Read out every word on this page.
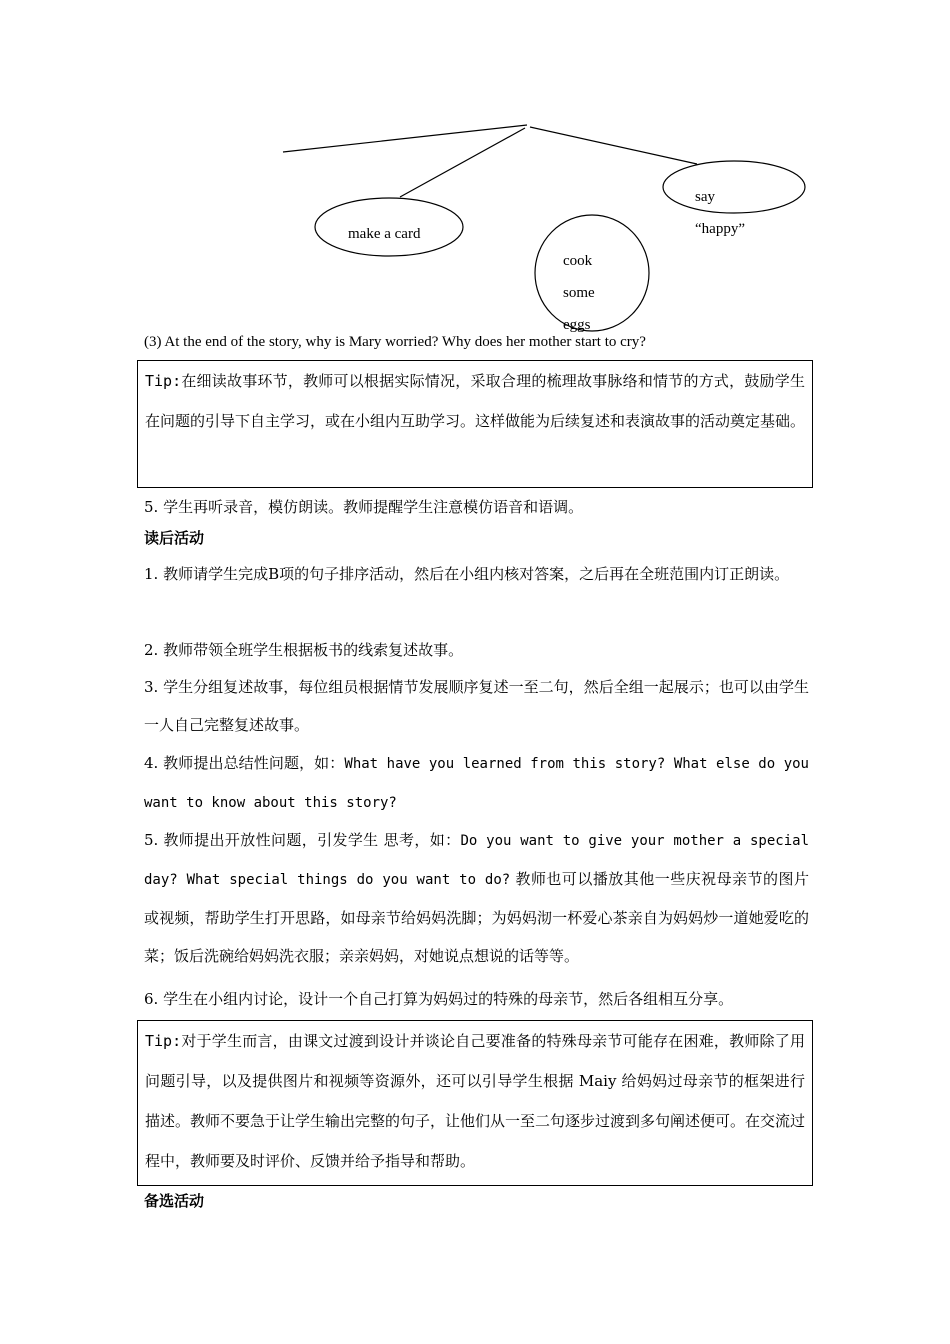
make a card
cook
some
eggs
say
“happy”
(3) At the end of the story, why is Mary worried? Why does her mother start to cry?
Tip:在细读故事环节，教师可以根据实际情况，采取合理的梳理故事脉络和情节的方式，鼓励学生在问题的引导下自主学习，或在小组内互助学习。这样做能为后续复述和表演故事的活动奠定基础。
5. 学生再听录音，模仿朗读。教师提醒学生注意模仿语音和语调。
读后活动
1. 教师请学生完成B项的句子排序活动，然后在小组内核对答案，之后再在全班范围内订正朗读。
2. 教师带领全班学生根据板书的线索复述故事。
3. 学生分组复述故事，每位组员根据情节发展顺序复述一至二句，然后全组一起展示；也可以由学生一人自己完整复述故事。
4. 教师提出总结性问题，如：What have you learned from this story? What else do you want to know about this story?
5. 教师提出开放性问题，引发学生 思考，如：Do you want to give your mother a special day? What special things do you want to do? 教师也可以播放其他一些庆祝母亲节的图片或视频，帮助学生打开思路，如母亲节给妈妈洗脚；为妈妈沏一杯爱心茶亲自为妈妈炒一道她爱吃的菜；饭后洗碗给妈妈洗衣服；亲亲妈妈，对她说点想说的话等等。
6. 学生在小组内讨论，设计一个自己打算为妈妈过的特殊的母亲节，然后各组相互分享。
Tip:对于学生而言，由课文过渡到设计并谈论自己要准备的特殊母亲节可能存在困难，教师除了用问题引导，以及提供图片和视频等资源外，还可以引导学生根据 Maiy 给妈妈过母亲节的框架进行描述。教师不要急于让学生输出完整的句子，让他们从一至二句逐步过渡到多句阐述便可。在交流过程中，教师要及时评价、反馈并给予指导和帮助。
备选活动
